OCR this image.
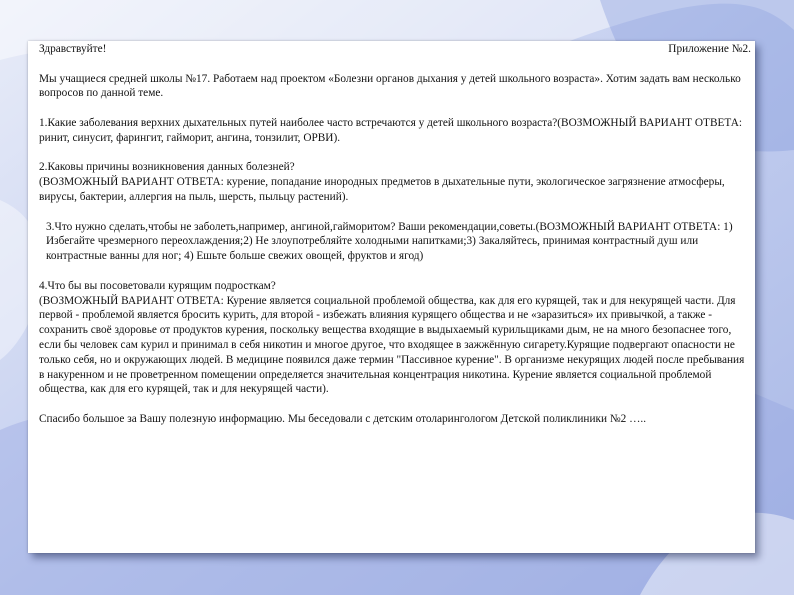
Здравствуйте!	Приложение №2.

Мы учащиеся средней школы №17. Работаем над проектом «Болезни органов дыхания у детей школьного возраста». Хотим задать вам несколько вопросов по данной теме.

1.Какие заболевания верхних дыхательных путей наиболее часто встречаются у детей школьного возраста?(ВОЗМОЖНЫЙ ВАРИАНТ ОТВЕТА: ринит, синусит, фарингит, гайморит, ангина, тонзилит, ОРВИ).

2.Каковы причины возникновения данных болезней?

(ВОЗМОЖНЫЙ ВАРИАНТ ОТВЕТА: курение, попадание инородных предметов в дыхательные пути, экологическое загрязнение атмосферы, вирусы, бактерии, аллергия на пыль, шерсть, пыльцу растений).

3.Что нужно сделать,чтобы не заболеть,например, ангиной,гайморитом? Ваши рекомендации,советы.(ВОЗМОЖНЫЙ ВАРИАНТ ОТВЕТА: 1) Избегайте чрезмерного переохлаждения;2) Не злоупотребляйте холодными напитками;3) Закаляйтесь, принимая контрастный душ или контрастные ванны для ног; 4) Ешьте больше свежих овощей, фруктов и ягод)

4.Что бы вы посоветовали курящим подросткам?

(ВОЗМОЖНЫЙ ВАРИАНТ ОТВЕТА: Курение является социальной проблемой общества, как для его курящей, так и для некурящей части. Для первой - проблемой является бросить курить, для второй - избежать влияния курящего общества и не «заразиться» их привычкой, а также - сохранить своё здоровье от продуктов курения, поскольку вещества входящие в выдыхаемый курильщиками дым, не на много безопаснее того, если бы человек сам курил и принимал в себя никотин и многое другое, что входящее в зажжённую сигарету.Курящие подвергают опасности не только себя, но и окружающих людей. В медицине появился даже термин "Пассивное курение". В организме некурящих людей после пребывания в накуренном и не проветренном помещении определяется значительная концентрация никотина. Курение является социальной проблемой общества, как для его курящей, так и для некурящей части).

Спасибо большое за Вашу полезную информацию. Мы беседовали с детским отоларингологом Детской поликлиники №2 …..
